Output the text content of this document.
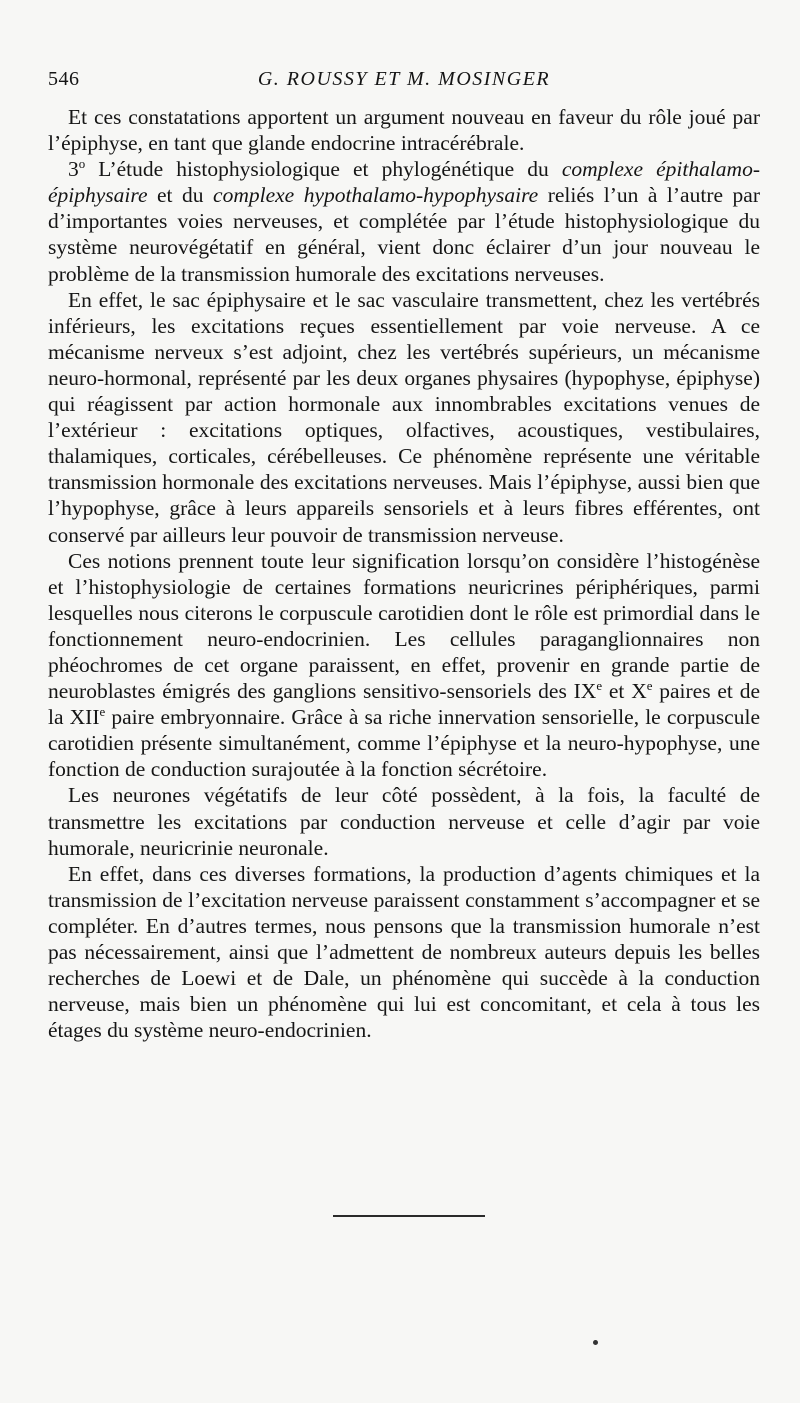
546	G. ROUSSY ET M. MOSINGER

Et ces constatations apportent un argument nouveau en faveur du rôle joué par l’épiphyse, en tant que glande endocrine intracérébrale.

3$^o$ L’étude histophysiologique et phylogénétique du complexe épithalamo-épiphysaire et du complexe hypothalamo-hypophysaire reliés l’un à l’autre par d’importantes voies nerveuses, et complétée par l’étude histophysiologique du système neurovégétatif en général, vient donc éclairer d’un jour nouveau le problème de la transmission humorale des excitations nerveuses.

En effet, le sac épiphysaire et le sac vasculaire transmettent, chez les vertébrés inférieurs, les excitations reçues essentiellement par voie nerveuse. A ce mécanisme nerveux s’est adjoint, chez les vertébrés supérieurs, un mécanisme neuro-hormonal, représenté par les deux organes physaires (hypophyse, épiphyse) qui réagissent par action hormonale aux innombrables excitations venues de l’extérieur : excitations optiques, olfactives, acoustiques, vestibulaires, thalamiques, corticales, cérébelleuses. Ce phénomène représente une véritable transmission hormonale des excitations nerveuses. Mais l’épiphyse, aussi bien que l’hypophyse, grâce à leurs appareils sensoriels et à leurs fibres efférentes, ont conservé par ailleurs leur pouvoir de transmission nerveuse.

Ces notions prennent toute leur signification lorsqu’on considère l’histogénèse et l’histophysiologie de certaines formations neuricrines périphériques, parmi lesquelles nous citerons le corpuscule carotidien dont le rôle est primordial dans le fonctionnement neuro-endocrinien. Les cellules paraganglionnaires non phéochromes de cet organe paraissent, en effet, provenir en grande partie de neuroblastes émigrés des ganglions sensitivo-sensoriels des IXe et Xe paires et de la XIIe paire embryonnaire. Grâce à sa riche innervation sensorielle, le corpuscule carotidien présente simultanément, comme l’épiphyse et la neuro-hypophyse, une fonction de conduction surajoutée à la fonction sécrétoire.

Les neurones végétatifs de leur côté possèdent, à la fois, la faculté de transmettre les excitations par conduction nerveuse et celle d’agir par voie humorale, neuricrinie neuronale.

En effet, dans ces diverses formations, la production d’agents chimiques et la transmission de l’excitation nerveuse paraissent constamment s’accompagner et se compléter. En d’autres termes, nous pensons que la transmission humorale n’est pas nécessairement, ainsi que l’admettent de nombreux auteurs depuis les belles recherches de Loewi et de Dale, un phénomène qui succède à la conduction nerveuse, mais bien un phénomène qui lui est concomitant, et cela à tous les étages du système neuro-endocrinien.
